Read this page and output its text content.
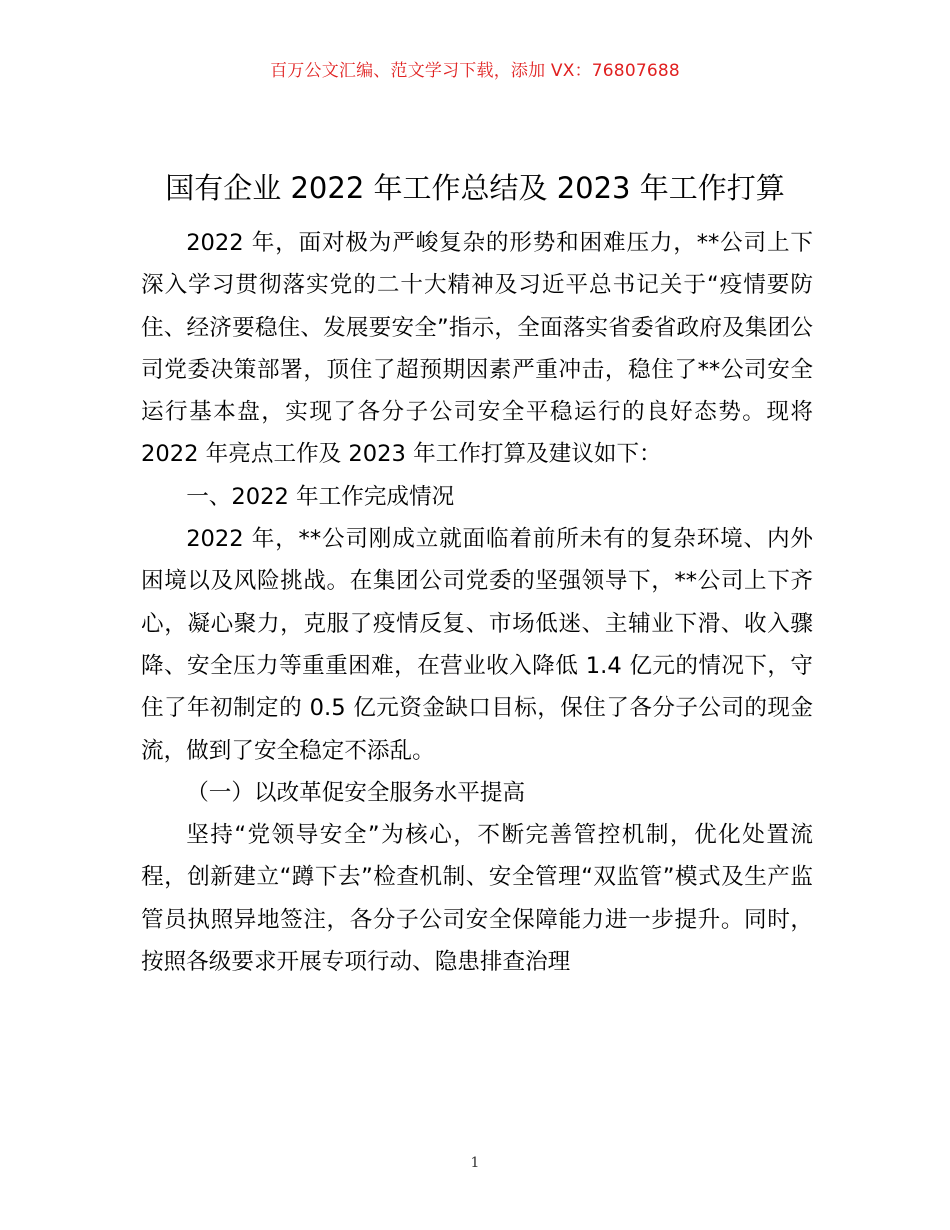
百万公文汇编、范文学习下载，添加 VX：76807688
国有企业 2022 年工作总结及 2023 年工作打算

2022 年，面对极为严峻复杂的形势和困难压力，**公司上下深入学习贯彻落实党的二十大精神及习近平总书记关于“疫情要防住、经济要稳住、发展要安全”指示，全面落实省委省政府及集团公司党委决策部署，顶住了超预期因素严重冲击，稳住了**公司安全运行基本盘，实现了各分子公司安全平稳运行的良好态势。现将 2022 年亮点工作及 2023 年工作打算及建议如下：

一、2022 年工作完成情况

2022 年，**公司刚成立就面临着前所未有的复杂环境、内外困境以及风险挑战。在集团公司党委的坚强领导下，**公司上下齐心，凝心聚力，克服了疫情反复、市场低迷、主辅业下滑、收入骤降、安全压力等重重困难，在营业收入降低 1.4 亿元的情况下，守住了年初制定的 0.5 亿元资金缺口目标，保住了各分子公司的现金流，做到了安全稳定不添乱。

（一）以改革促安全服务水平提高

坚持“党领导安全”为核心，不断完善管控机制，优化处置流程，创新建立“蹲下去”检查机制、安全管理“双监管”模式及生产监管员执照异地签注，各分子公司安全保障能力进一步提升。同时，按照各级要求开展专项行动、隐患排查治理

1
